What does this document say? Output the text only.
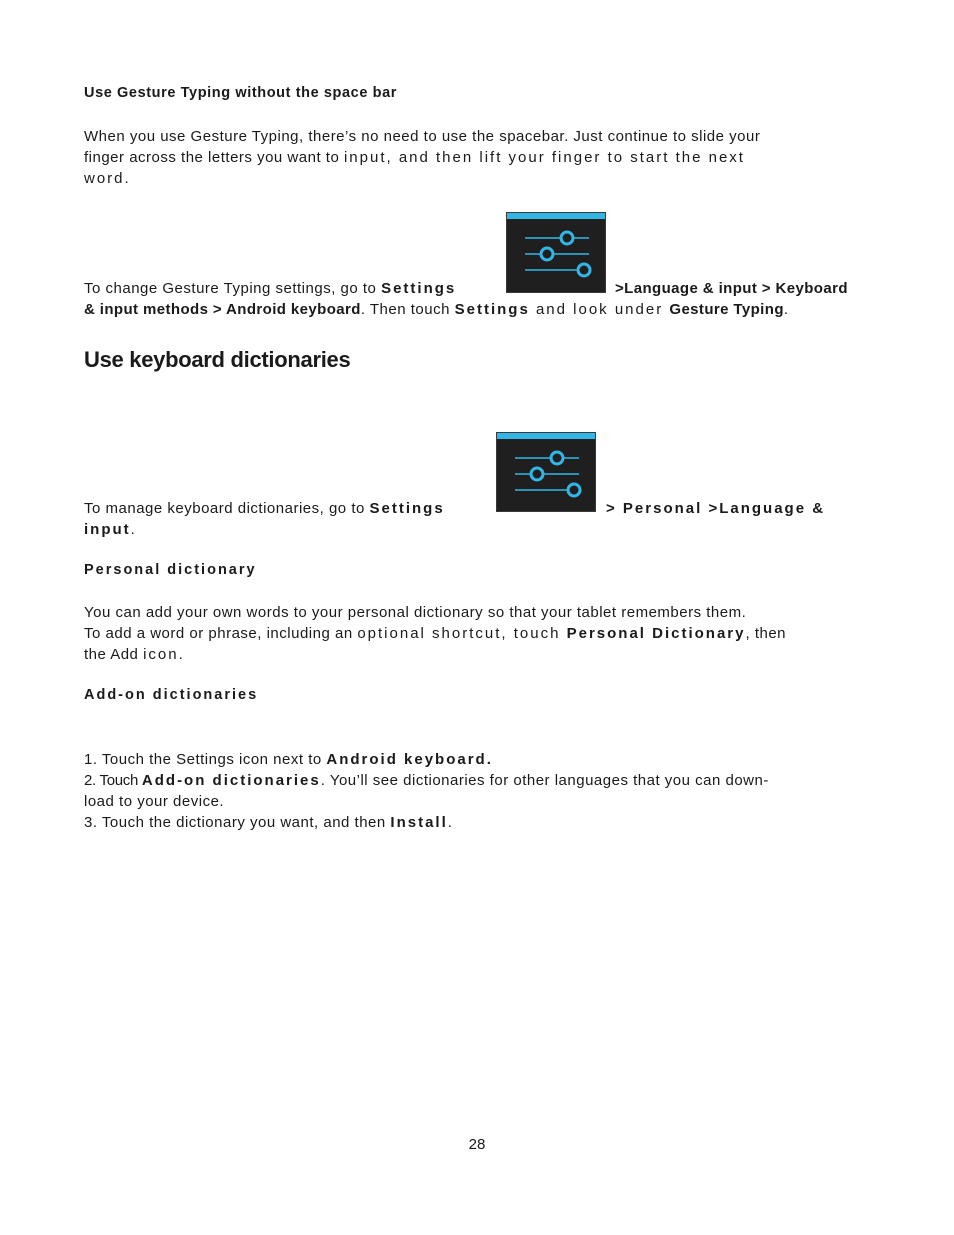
Use Gesture Typing without the space bar
When you use Gesture Typing, there’s no need to use the spacebar. Just continue to slide your
finger across the letters you want to input, and then lift your finger to start the next
word.
To change Gesture Typing settings, go to Settings	>Language & input > Keyboard
& input methods > Android keyboard. Then touch Settings and look under Gesture Typing.
Use keyboard dictionaries
To manage keyboard dictionaries, go to Settings	> Personal >Language &
input.
Personal dictionary
You can add your own words to your personal dictionary so that your tablet remembers them.
To add a word or phrase, including an optional shortcut, touch Personal Dictionary, then
the Add icon.
Add-on dictionaries
1. Touch the Settings icon next to Android keyboard.
2. Touch Add-on dictionaries. You’ll see dictionaries for other languages that you can down-
load to your device.
3. Touch the dictionary you want, and then Install.
28
